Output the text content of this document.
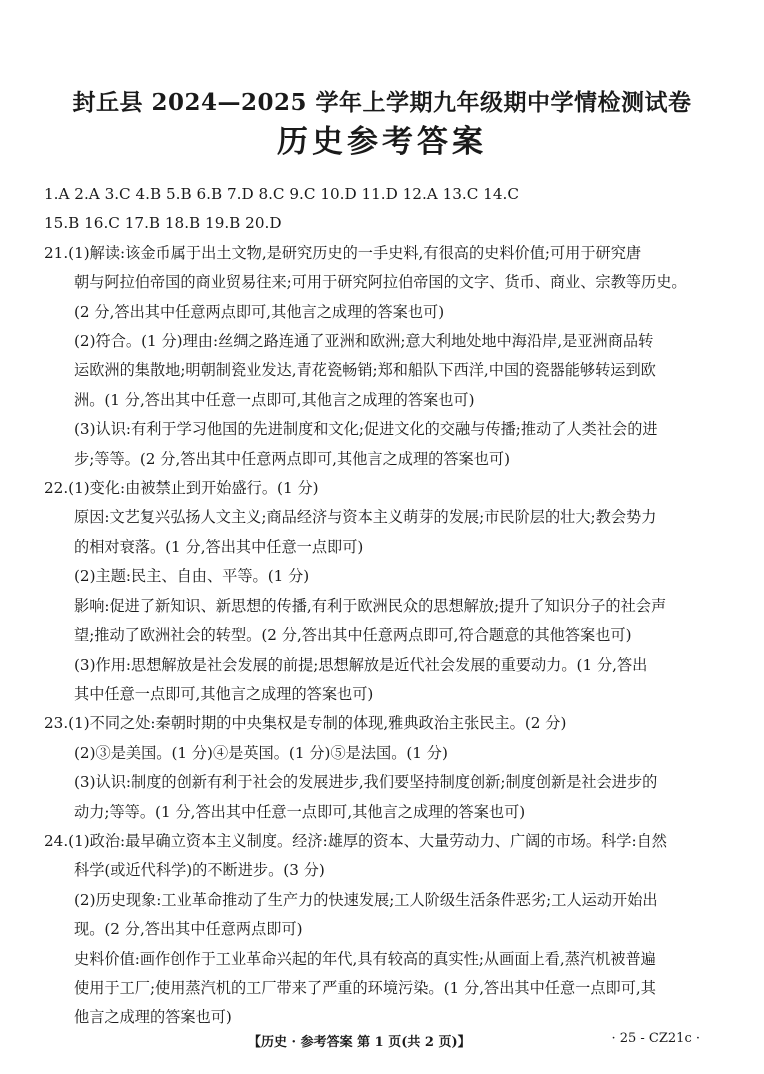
封丘县 2024—2025 学年上学期九年级期中学情检测试卷
历史参考答案
1.A 2.A 3.C 4.B 5.B 6.B 7.D 8.C 9.C 10.D 11.D 12.A 13.C 14.C
15.B 16.C 17.B 18.B 19.B 20.D
21.(1)解读:该金币属于出土文物,是研究历史的一手史料,有很高的史料价值;可用于研究唐
朝与阿拉伯帝国的商业贸易往来;可用于研究阿拉伯帝国的文字、货币、商业、宗教等历史。
(2 分,答出其中任意两点即可,其他言之成理的答案也可)
(2)符合。(1 分)理由:丝绸之路连通了亚洲和欧洲;意大利地处地中海沿岸,是亚洲商品转
运欧洲的集散地;明朝制瓷业发达,青花瓷畅销;郑和船队下西洋,中国的瓷器能够转运到欧
洲。(1 分,答出其中任意一点即可,其他言之成理的答案也可)
(3)认识:有利于学习他国的先进制度和文化;促进文化的交融与传播;推动了人类社会的进
步;等等。(2 分,答出其中任意两点即可,其他言之成理的答案也可)
22.(1)变化:由被禁止到开始盛行。(1 分)
原因:文艺复兴弘扬人文主义;商品经济与资本主义萌芽的发展;市民阶层的壮大;教会势力
的相对衰落。(1 分,答出其中任意一点即可)
(2)主题:民主、自由、平等。(1 分)
影响:促进了新知识、新思想的传播,有利于欧洲民众的思想解放;提升了知识分子的社会声
望;推动了欧洲社会的转型。(2 分,答出其中任意两点即可,符合题意的其他答案也可)
(3)作用:思想解放是社会发展的前提;思想解放是近代社会发展的重要动力。(1 分,答出
其中任意一点即可,其他言之成理的答案也可)
23.(1)不同之处:秦朝时期的中央集权是专制的体现,雅典政治主张民主。(2 分)
(2)③是美国。(1 分)④是英国。(1 分)⑤是法国。(1 分)
(3)认识:制度的创新有利于社会的发展进步,我们要坚持制度创新;制度创新是社会进步的
动力;等等。(1 分,答出其中任意一点即可,其他言之成理的答案也可)
24.(1)政治:最早确立资本主义制度。经济:雄厚的资本、大量劳动力、广阔的市场。科学:自然
科学(或近代科学)的不断进步。(3 分)
(2)历史现象:工业革命推动了生产力的快速发展;工人阶级生活条件恶劣;工人运动开始出
现。(2 分,答出其中任意两点即可)
史料价值:画作创作于工业革命兴起的年代,具有较高的真实性;从画面上看,蒸汽机被普遍
使用于工厂;使用蒸汽机的工厂带来了严重的环境污染。(1 分,答出其中任意一点即可,其
他言之成理的答案也可)
【历史 · 参考答案 第 1 页(共 2 页)】	· 25 - CZ21c ·
